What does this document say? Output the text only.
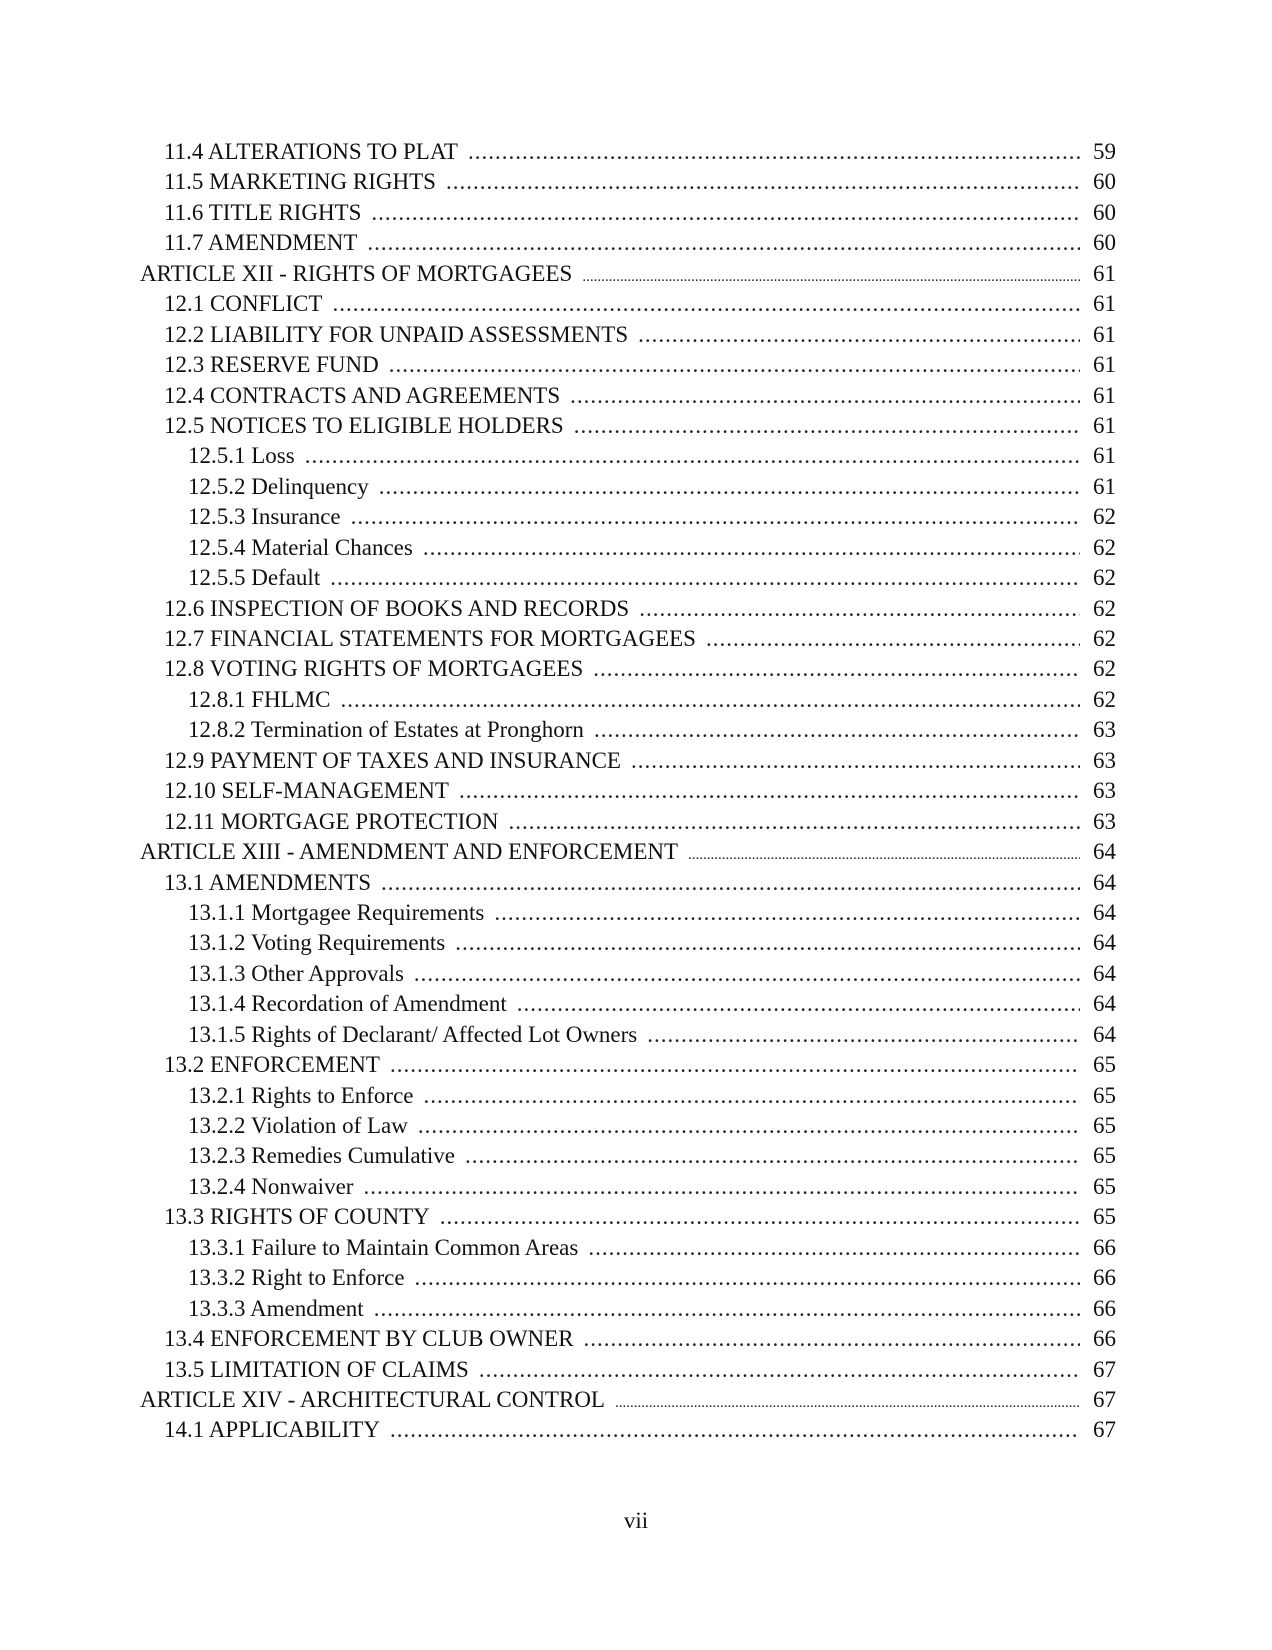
11.4 ALTERATIONS TO PLAT .....	59
11.5 MARKETING RIGHTS .....	60
11.6 TITLE RIGHTS .....	60
11.7 AMENDMENT .....	60
ARTICLE XII - RIGHTS OF MORTGAGEES .....	61
12.1 CONFLICT .....	61
12.2 LIABILITY FOR UNPAID ASSESSMENTS .....	61
12.3 RESERVE FUND .....	61
12.4 CONTRACTS AND AGREEMENTS .....	61
12.5 NOTICES TO ELIGIBLE HOLDERS .....	61
12.5.1 Loss .....	61
12.5.2 Delinquency .....	61
12.5.3 Insurance .....	62
12.5.4 Material Chances .....	62
12.5.5 Default .....	62
12.6 INSPECTION OF BOOKS AND RECORDS .....	62
12.7 FINANCIAL STATEMENTS FOR MORTGAGEES .....	62
12.8 VOTING RIGHTS OF MORTGAGEES .....	62
12.8.1 FHLMC .....	62
12.8.2 Termination of Estates at Pronghorn .....	63
12.9 PAYMENT OF TAXES AND INSURANCE .....	63
12.10 SELF-MANAGEMENT .....	63
12.11 MORTGAGE PROTECTION .....	63
ARTICLE XIII - AMENDMENT AND ENFORCEMENT .....	64
13.1 AMENDMENTS .....	64
13.1.1 Mortgagee Requirements .....	64
13.1.2 Voting Requirements .....	64
13.1.3 Other Approvals .....	64
13.1.4 Recordation of Amendment .....	64
13.1.5 Rights of Declarant/ Affected Lot Owners .....	64
13.2 ENFORCEMENT .....	65
13.2.1 Rights to Enforce .....	65
13.2.2 Violation of Law .....	65
13.2.3 Remedies Cumulative .....	65
13.2.4 Nonwaiver .....	65
13.3 RIGHTS OF COUNTY .....	65
13.3.1 Failure to Maintain Common Areas .....	66
13.3.2 Right to Enforce .....	66
13.3.3 Amendment .....	66
13.4 ENFORCEMENT BY CLUB OWNER .....	66
13.5 LIMITATION OF CLAIMS .....	67
ARTICLE XIV - ARCHITECTURAL CONTROL .....	67
14.1 APPLICABILITY .....	67
vii
